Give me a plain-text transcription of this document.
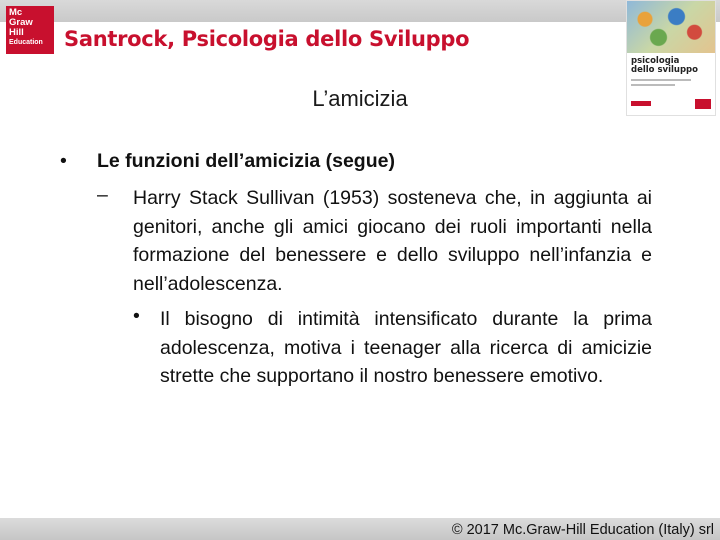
Mc
Graw
Hill
Education	Santrock, Psicologia dello Sviluppo
psicologia
dello sviluppo
L’amicizia
• Le funzioni dell’amicizia (segue)
– Harry Stack Sullivan (1953) sosteneva che, in aggiunta ai genitori, anche gli amici giocano dei ruoli importanti nella formazione del benessere e dello sviluppo nell’infanzia e nell’adolescenza.
• Il bisogno di intimità intensificato durante la prima adolescenza, motiva i teenager alla ricerca di amicizie strette che supportano il nostro benessere emotivo.
© 2017 Mc.Graw-Hill Education (Italy) srl
